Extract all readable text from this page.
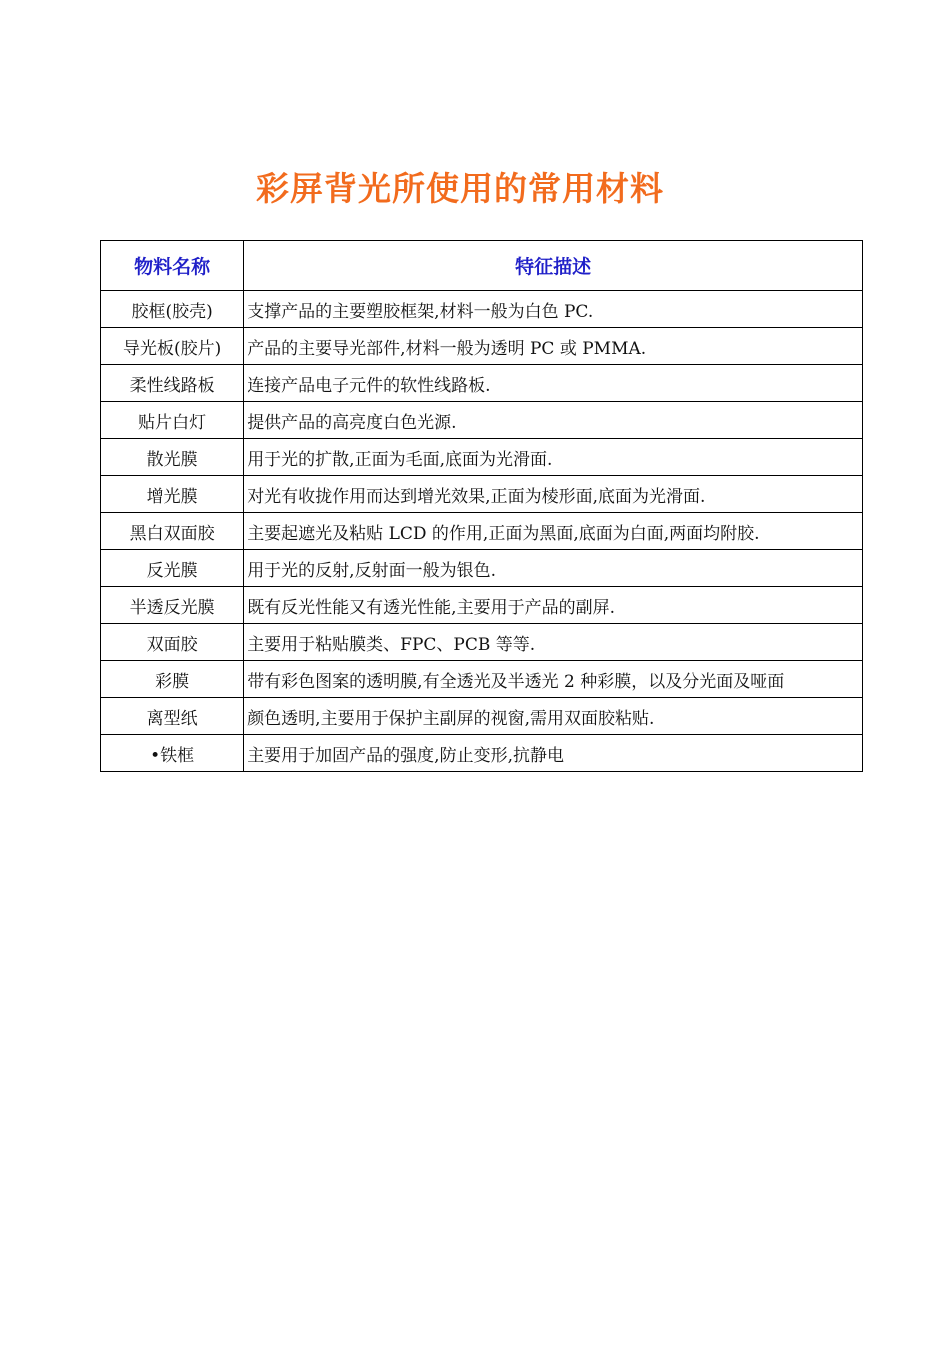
彩屏背光所使用的常用材料
物料名称	特征描述
胶框(胶壳)	支撑产品的主要塑胶框架,材料一般为白色 PC.
导光板(胶片)	产品的主要导光部件,材料一般为透明 PC 或 PMMA.
柔性线路板	连接产品电子元件的软性线路板.
贴片白灯	提供产品的高亮度白色光源.
散光膜	用于光的扩散,正面为毛面,底面为光滑面.
增光膜	对光有收拢作用而达到增光效果,正面为棱形面,底面为光滑面.
黑白双面胶	主要起遮光及粘贴 LCD 的作用,正面为黑面,底面为白面,两面均附胶.
反光膜	用于光的反射,反射面一般为银色.
半透反光膜	既有反光性能又有透光性能,主要用于产品的副屏.
双面胶	主要用于粘贴膜类、FPC、PCB 等等.
彩膜	带有彩色图案的透明膜,有全透光及半透光 2 种彩膜，以及分光面及哑面
离型纸	颜色透明,主要用于保护主副屏的视窗,需用双面胶粘贴.
•铁框	主要用于加固产品的强度,防止变形,抗静电
